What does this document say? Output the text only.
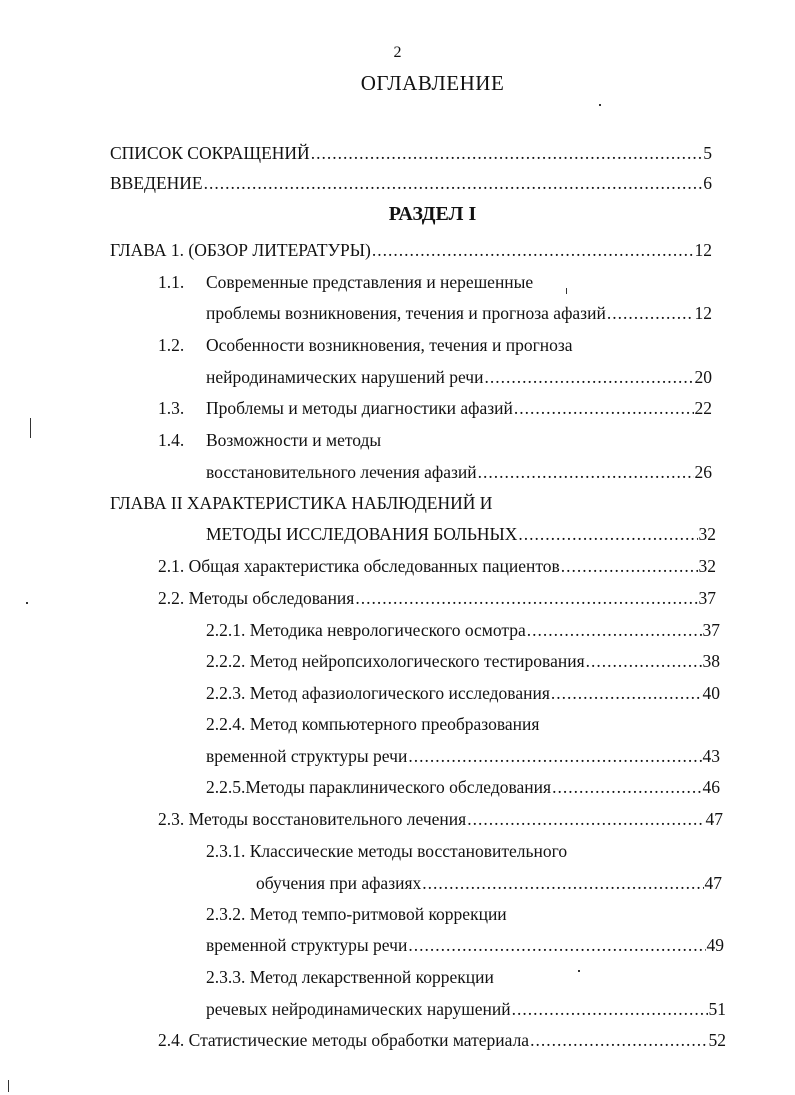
2
ОГЛАВЛЕНИЕ
СПИСОК СОКРАЩЕНИЙ .....	5
ВВЕДЕНИЕ .....	6
РАЗДЕЛ I
ГЛАВА 1. (ОБЗОР ЛИТЕРАТУРЫ) .....	12
1.1. Современные представления и нерешенные
проблемы возникновения, течения и прогноза афазий .....	12
1.2. Особенности возникновения, течения и прогноза
нейродинамических нарушений речи .....	20
1.3. Проблемы и методы диагностики афазий .....	22
1.4. Возможности и методы
восстановительного лечения афазий .....	26
ГЛАВА II ХАРАКТЕРИСТИКА НАБЛЮДЕНИЙ И
МЕТОДЫ ИССЛЕДОВАНИЯ БОЛЬНЫХ .....	32
2.1. Общая характеристика обследованных пациентов .....	32
2.2. Методы обследования .....	37
2.2.1. Методика неврологического осмотра .....	37
2.2.2. Метод нейропсихологического тестирования .....	38
2.2.3. Метод афазиологического исследования .....	40
2.2.4. Метод компьютерного преобразования
временной структуры речи .....	43
2.2.5.Методы параклинического обследования .....	46
2.3. Методы восстановительного лечения .....	47
2.3.1. Классические методы восстановительного
обучения при афазиях .....	47
2.3.2. Метод темпо-ритмовой коррекции
временной структуры речи .....	49
2.3.3. Метод лекарственной коррекции
речевых нейродинамических нарушений .....	51
2.4. Статистические методы обработки материала .....	52
